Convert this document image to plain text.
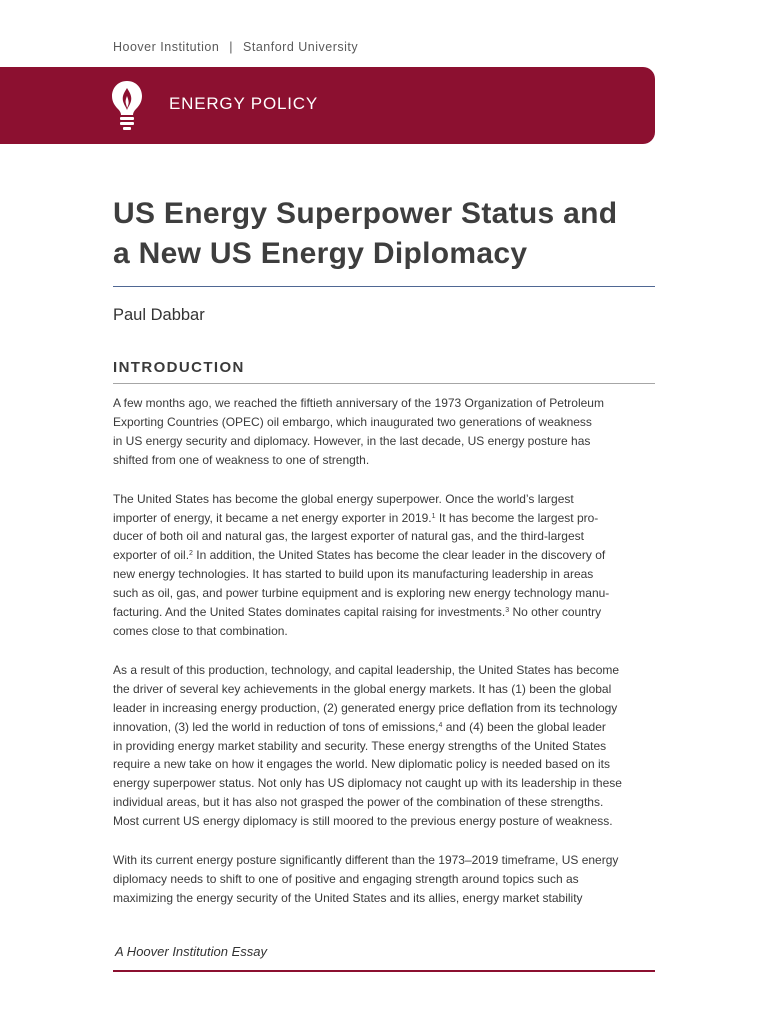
Hoover Institution | Stanford University
ENERGY POLICY
US Energy Superpower Status and
a New US Energy Diplomacy
Paul Dabbar
INTRODUCTION

A few months ago, we reached the fiftieth anniversary of the 1973 Organization of Petroleum
Exporting Countries (OPEC) oil embargo, which inaugurated two generations of weakness
in US energy security and diplomacy. However, in the last decade, US energy posture has
shifted from one of weakness to one of strength.

The United States has become the global energy superpower. Once the world’s largest
importer of energy, it became a net energy exporter in 2019.$^1$ It has become the largest pro-
ducer of both oil and natural gas, the largest exporter of natural gas, and the third-largest
exporter of oil.$^2$ In addition, the United States has become the clear leader in the discovery of
new energy technologies. It has started to build upon its manufacturing leadership in areas
such as oil, gas, and power turbine equipment and is exploring new energy technology manu-
facturing. And the United States dominates capital raising for investments.$^3$ No other country
comes close to that combination.

As a result of this production, technology, and capital leadership, the United States has become
the driver of several key achievements in the global energy markets. It has (1) been the global
leader in increasing energy production, (2) generated energy price deflation from its technology
innovation, (3) led the world in reduction of tons of emissions,$^4$ and (4) been the global leader
in providing energy market stability and security. These energy strengths of the United States
require a new take on how it engages the world. New diplomatic policy is needed based on its
energy superpower status. Not only has US diplomacy not caught up with its leadership in these
individual areas, but it has also not grasped the power of the combination of these strengths.
Most current US energy diplomacy is still moored to the previous energy posture of weakness.

With its current energy posture significantly different than the 1973–2019 timeframe, US energy
diplomacy needs to shift to one of positive and engaging strength around topics such as
maximizing the energy security of the United States and its allies, energy market stability

A Hoover Institution Essay
